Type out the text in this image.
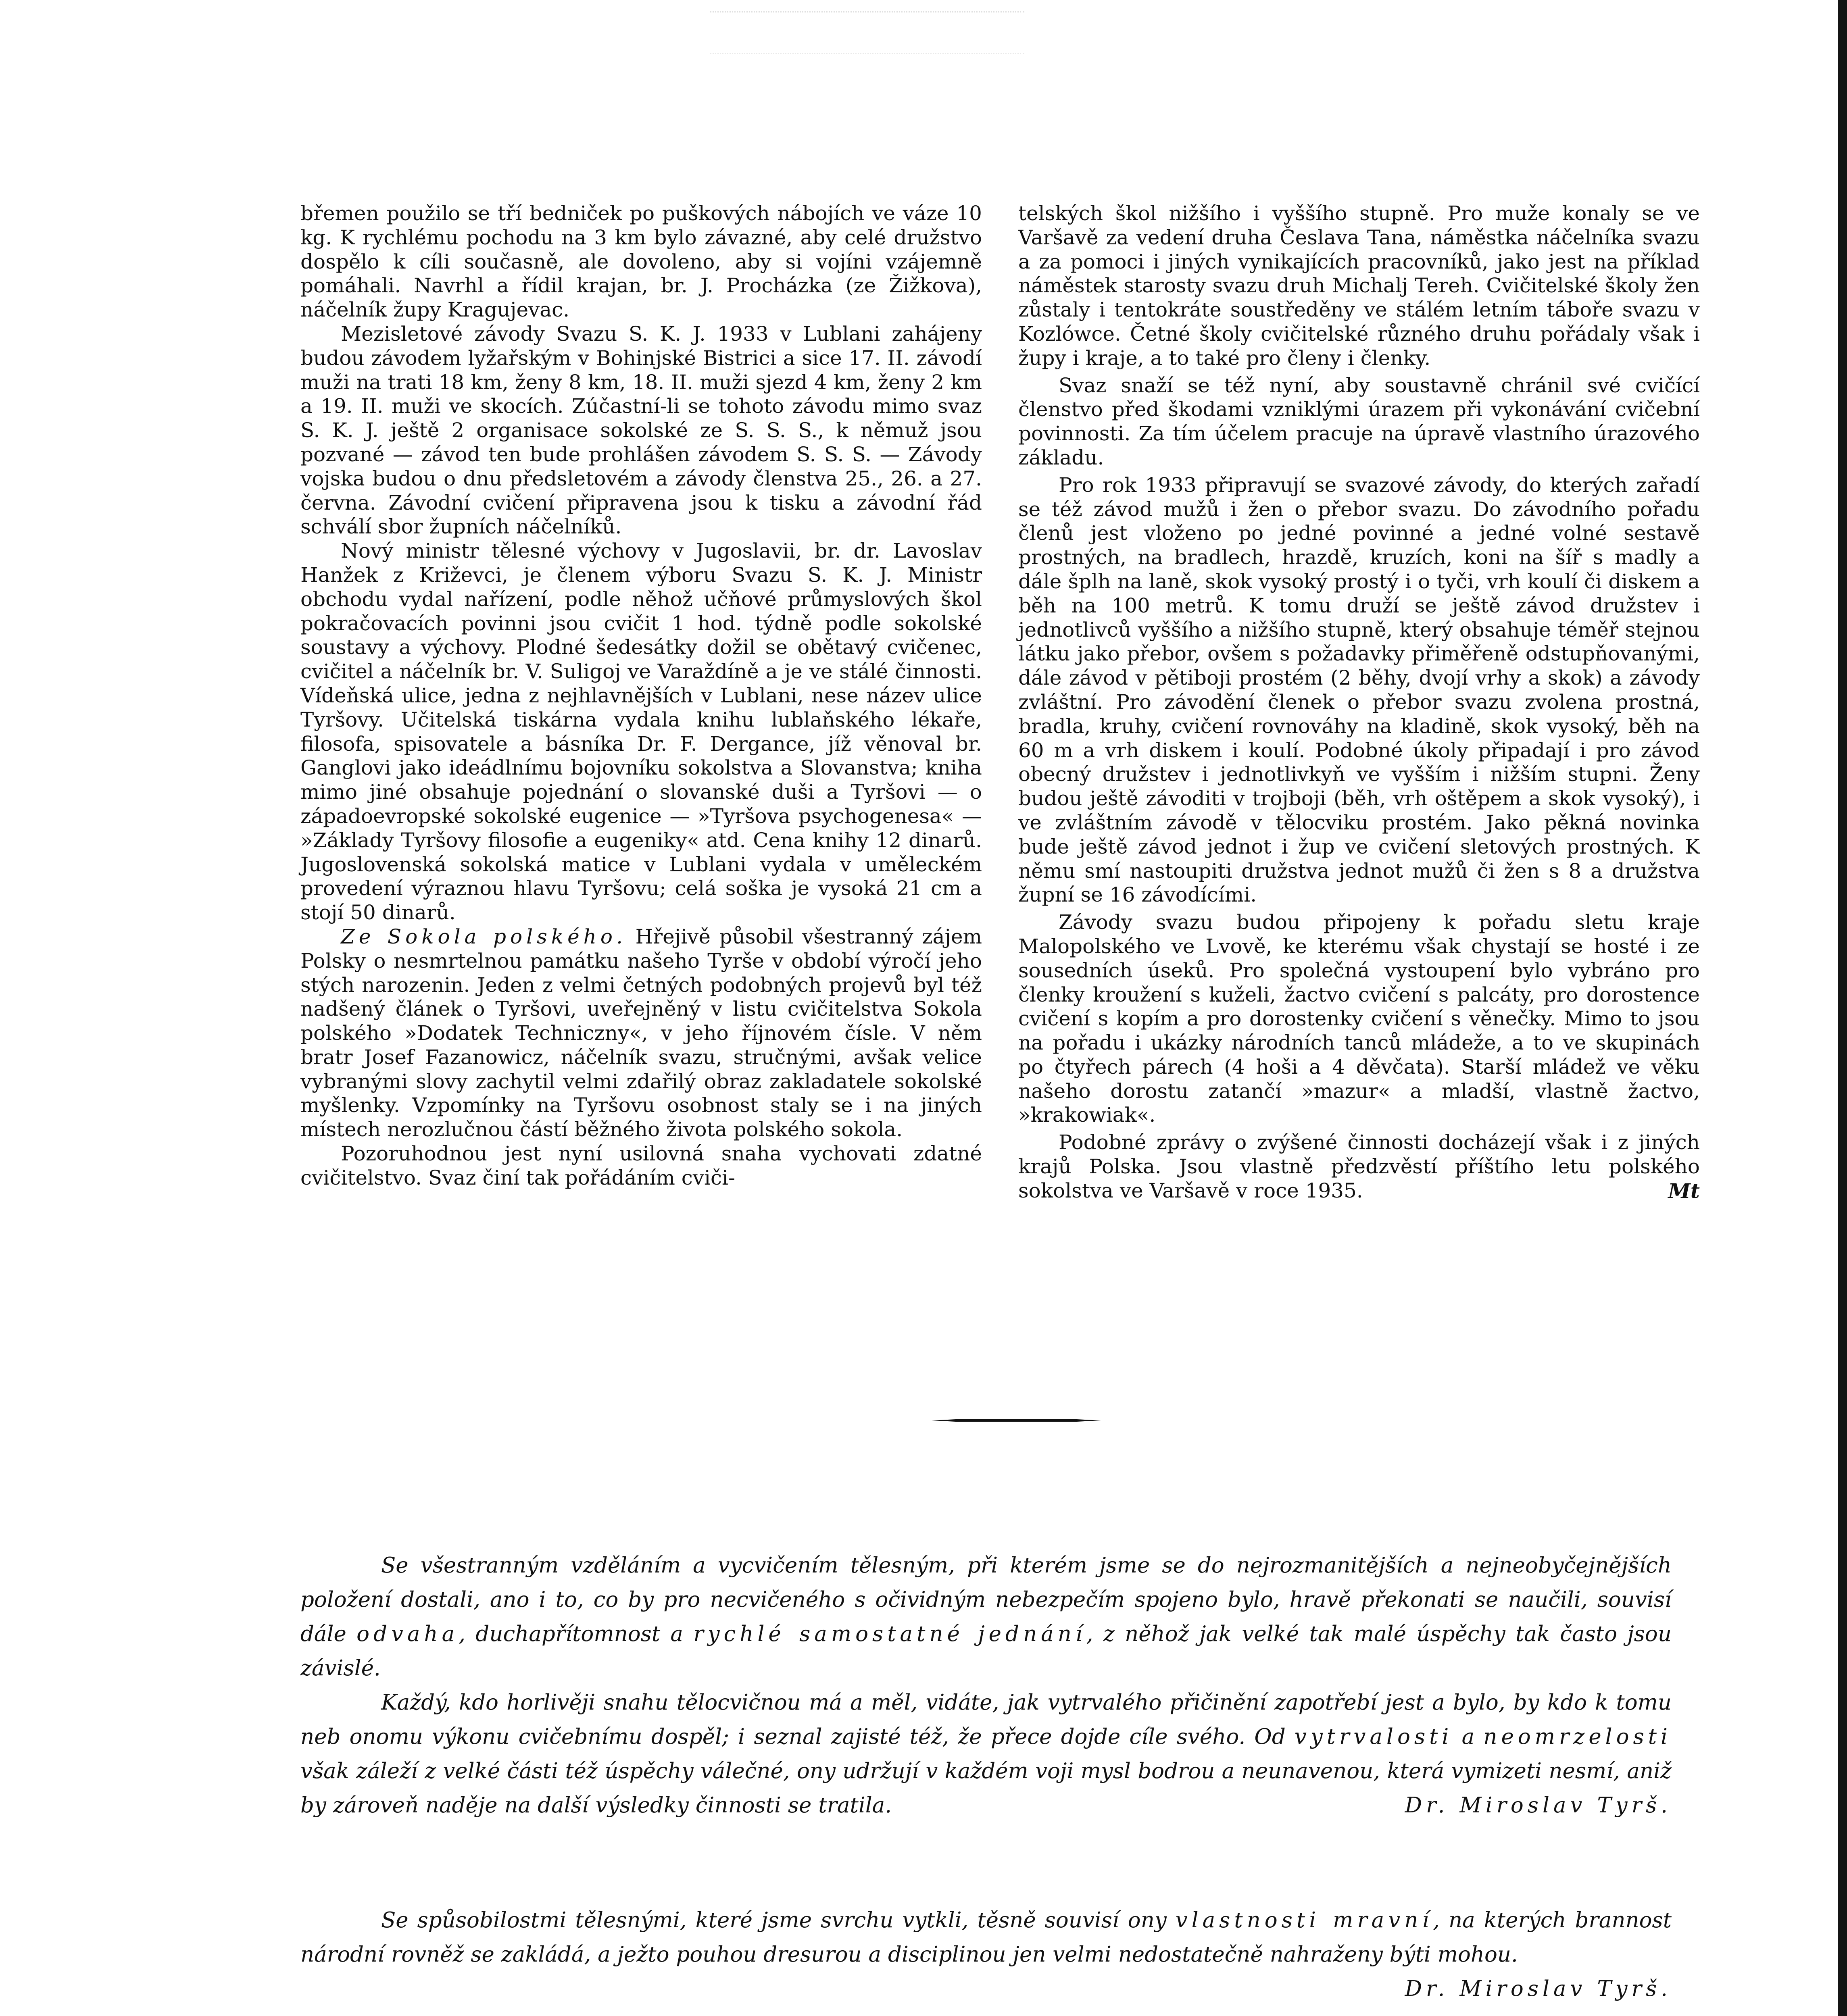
břemen použilo se tří bedniček po puškových nábojích ve váze 10 kg. K rychlému pochodu na 3 km bylo závazné, aby celé družstvo dospělo k cíli současně, ale dovoleno, aby si vojíni vzájemně pomáhali. Navrhl a řídil krajan, br. J. Procházka (ze Žižkova), náčelník župy Kragujevac.

Mezisletové závody Svazu S. K. J. 1933 v Lublani zahájeny budou závodem lyžařským v Bohinjské Bistrici a sice 17. II. závodí muži na trati 18 km, ženy 8 km, 18. II. muži sjezd 4 km, ženy 2 km a 19. II. muži ve skocích. Zúčastní-li se tohoto závodu mimo svaz S. K. J. ještě 2 organisace sokolské ze S. S. S., k němuž jsou pozvané — závod ten bude prohlášen závodem S. S. S. — Závody vojska budou o dnu předsletovém a závody členstva 25., 26. a 27. června. Závodní cvičení připravena jsou k tisku a závodní řád schválí sbor župních náčelníků.

Nový ministr tělesné výchovy v Jugoslavii, br. dr. Lavoslav Hanžek z Križevci, je členem výboru Svazu S. K. J. Ministr obchodu vydal nařízení, podle něhož učňové průmyslových škol pokračovacích povinni jsou cvičit 1 hod. týdně podle sokolské soustavy a výchovy. Plodné šedesátky dožil se obětavý cvičenec, cvičitel a náčelník br. V. Suligoj ve Varaždíně a je ve stálé činnosti. Vídeňská ulice, jedna z nejhlavnějších v Lublani, nese název ulice Tyršovy. Učitelská tiskárna vydala knihu lublaňského lékaře, filosofa, spisovatele a básníka Dr. F. Dergance, jíž věnoval br. Ganglovi jako ideádlnímu bojovníku sokolstva a Slovanstva; kniha mimo jiné obsahuje pojednání o slovanské duši a Tyršovi — o západoevropské sokolské eugenice — »Tyršova psychogenesa« — »Základy Tyršovy filosofie a eugeniky« atd. Cena knihy 12 dinarů. Jugoslovenská sokolská matice v Lublani vydala v uměleckém provedení výraznou hlavu Tyršovu; celá soška je vysoká 21 cm a stojí 50 dinarů.

Ze Sokola polského. Hřejivě působil všestranný zájem Polsky o nesmrtelnou památku našeho Tyrše v období výročí jeho stých narozenin. Jeden z velmi četných podobných projevů byl též nadšený článek o Tyršovi, uveřejněný v listu cvičitelstva Sokola polského »Dodatek Techniczny«, v jeho říjnovém čísle. V něm bratr Josef Fazanowicz, náčelník svazu, stručnými, avšak velice vybranými slovy zachytil velmi zdařilý obraz zakladatele sokolské myšlenky. Vzpomínky na Tyršovu osobnost staly se i na jiných místech nerozlučnou částí běžného života polského sokola.

Pozoruhodnou jest nyní usilovná snaha vychovati zdatné cvičitelstvo. Svaz činí tak pořádáním cviči-

telských škol nižšího i vyššího stupně. Pro muže konaly se ve Varšavě za vedení druha Česlava Tana, náměstka náčelníka svazu a za pomoci i jiných vynikajících pracovníků, jako jest na příklad náměstek starosty svazu druh Michalj Tereh. Cvičitelské školy žen zůstaly i tentokráte soustředěny ve stálém letním táboře svazu v Kozlówce. Četné školy cvičitelské různého druhu pořádaly však i župy i kraje, a to také pro členy i členky.

Svaz snaží se též nyní, aby soustavně chránil své cvičící členstvo před škodami vzniklými úrazem při vykonávání cvičební povinnosti. Za tím účelem pracuje na úpravě vlastního úrazového základu.

Pro rok 1933 připravují se svazové závody, do kterých zařadí se též závod mužů i žen o přebor svazu. Do závodního pořadu členů jest vloženo po jedné povinné a jedné volné sestavě prostných, na bradlech, hrazdě, kruzích, koni na šíř s madly a dále šplh na laně, skok vysoký prostý i o tyči, vrh koulí či diskem a běh na 100 metrů. K tomu druží se ještě závod družstev i jednotlivců vyššího a nižšího stupně, který obsahuje téměř stejnou látku jako přebor, ovšem s požadavky přiměřeně odstupňovanými, dále závod v pětiboji prostém (2 běhy, dvojí vrhy a skok) a závody zvláštní. Pro závodění členek o přebor svazu zvolena prostná, bradla, kruhy, cvičení rovnováhy na kladině, skok vysoký, běh na 60 m a vrh diskem i koulí. Podobné úkoly připadají i pro závod obecný družstev i jednotlivkyň ve vyšším i nižším stupni. Ženy budou ještě závoditi v trojboji (běh, vrh oštěpem a skok vysoký), i ve zvláštním závodě v tělocviku prostém. Jako pěkná novinka bude ještě závod jednot i žup ve cvičení sletových prostných. K němu smí nastoupiti družstva jednot mužů či žen s 8 a družstva župní se 16 závodícími.

Závody svazu budou připojeny k pořadu sletu kraje Malopolského ve Lvově, ke kterému však chystají se hosté i ze sousedních úseků. Pro společná vystoupení bylo vybráno pro členky kroužení s kuželi, žactvo cvičení s palcáty, pro dorostence cvičení s kopím a pro dorostenky cvičení s věnečky. Mimo to jsou na pořadu i ukázky národních tanců mládeže, a to ve skupinách po čtyřech párech (4 hoši a 4 děvčata). Starší mládež ve věku našeho dorostu zatančí »mazur« a mladší, vlastně žactvo, »krakowiak«.

Podobné zprávy o zvýšené činnosti docházejí však i z jiných krajů Polska. Jsou vlastně předzvěstí příštího letu polského sokolstva ve Varšavě v roce 1935.	Mt

Se všestranným vzděláním a vycvičením tělesným, při kterém jsme se do nejrozmanitějších a nejneobyčejnějších položení dostali, ano i to, co by pro necvičeného s očividným nebezpečím spojeno bylo, hravě překonati se naučili, souvisí dále odvaha, duchapřítomnost a rychlé samostatné jednání, z něhož jak velké tak malé úspěchy tak často jsou závislé.

Každý, kdo horlivěji snahu tělocvičnou má a měl, vidáte, jak vytrvalého přičinění zapotřebí jest a bylo, by kdo k tomu neb onomu výkonu cvičebnímu dospěl; i seznal zajisté též, že přece dojde cíle svého. Od vytrvalosti a neomrzelosti však záleží z velké části též úspěchy válečné, ony udržují v každém voji mysl bodrou a neunavenou, která vymizeti nesmí, aniž by zároveň naděje na další výsledky činnosti se tratila.	Dr. Miroslav Tyrš.

Se spůsobilostmi tělesnými, které jsme svrchu vytkli, těsně souvisí ony vlastnosti mravní, na kterých brannost národní rovněž se zakládá, a ježto pouhou dresurou a disciplinou jen velmi nedostatečně nahraženy býti mohou.
Dr. Miroslav Tyrš.
